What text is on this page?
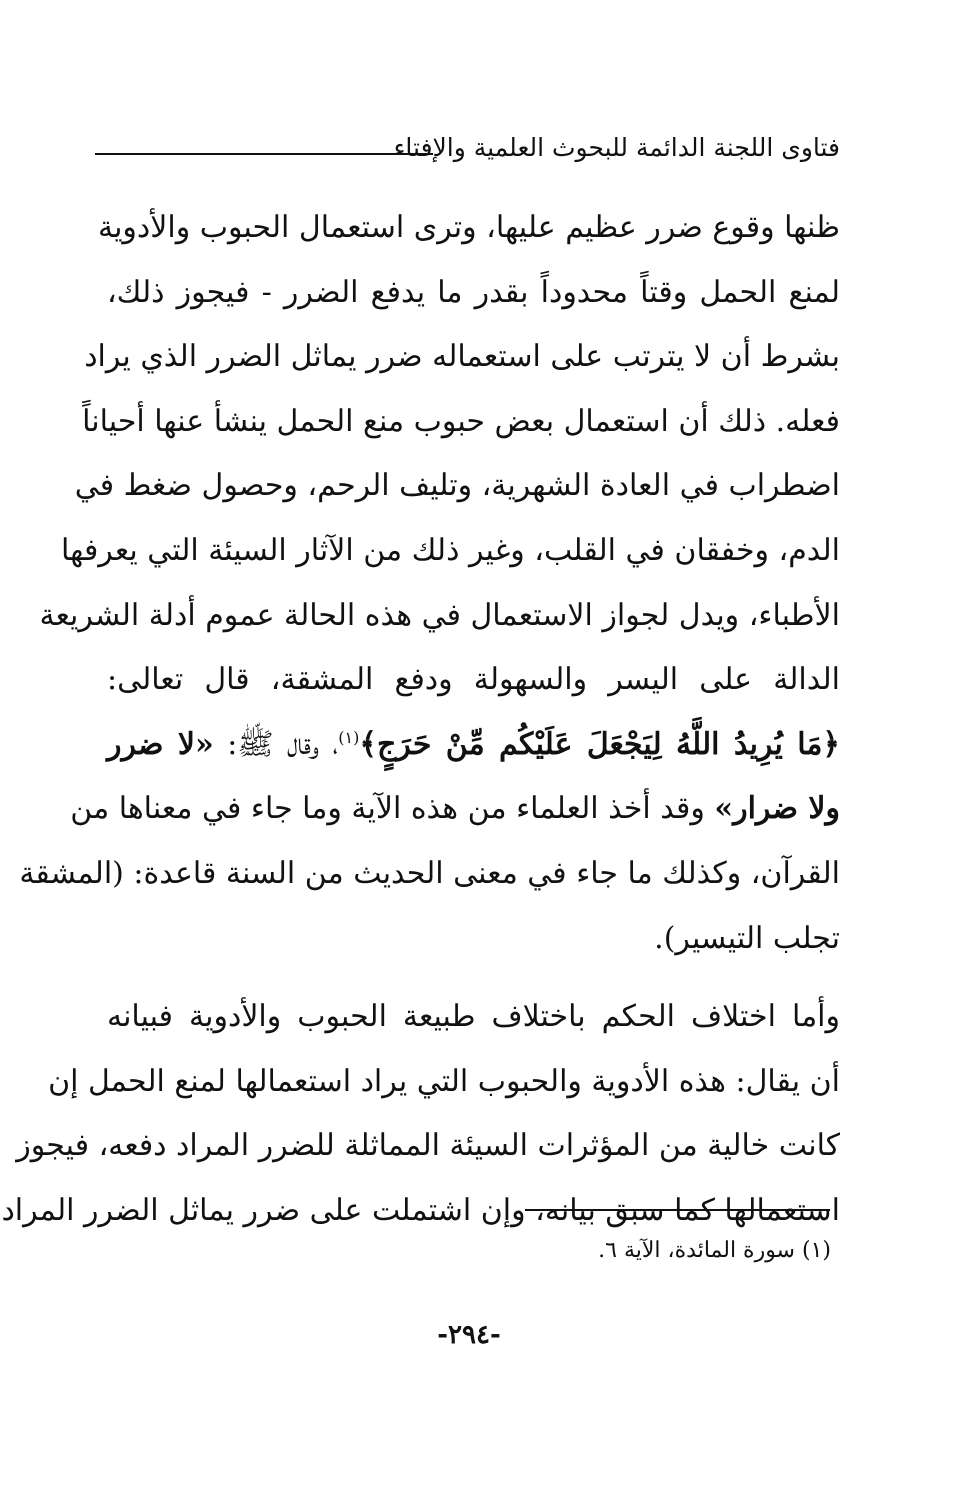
فتاوى اللجنة الدائمة للبحوث العلمية والإفتاء
ظنها وقوع ضرر عظيم عليها، وترى استعمال الحبوب والأدوية
لمنع الحمل وقتاً محدوداً بقدر ما يدفع الضرر - فيجوز ذلك،
بشرط أن لا يترتب على استعماله ضرر يماثل الضرر الذي يراد
فعله. ذلك أن استعمال بعض حبوب منع الحمل ينشأ عنها أحياناً
اضطراب في العادة الشهرية، وتليف الرحم، وحصول ضغط في
الدم، وخفقان في القلب، وغير ذلك من الآثار السيئة التي يعرفها
الأطباء، ويدل لجواز الاستعمال في هذه الحالة عموم أدلة الشريعة
الدالة على اليسر والسهولة ودفع المشقة، قال تعالى:
﴿مَا يُرِيدُ اللَّهُ لِيَجْعَلَ عَلَيْكُم مِّنْ حَرَجٍ﴾$^{(١)}$، وقال ﷺ: «لا ضرر
ولا ضرار» وقد أخذ العلماء من هذه الآية وما جاء في معناها من
القرآن، وكذلك ما جاء في معنى الحديث من السنة قاعدة: (المشقة
تجلب التيسير).
وأما اختلاف الحكم باختلاف طبيعة الحبوب والأدوية فبيانه
أن يقال: هذه الأدوية والحبوب التي يراد استعمالها لمنع الحمل إن
كانت خالية من المؤثرات السيئة المماثلة للضرر المراد دفعه، فيجوز
استعمالها كما سبق بيانه، وإن اشتملت على ضرر يماثل الضرر المراد
(١) سورة المائدة، الآية ٦.
-٢٩٤-
